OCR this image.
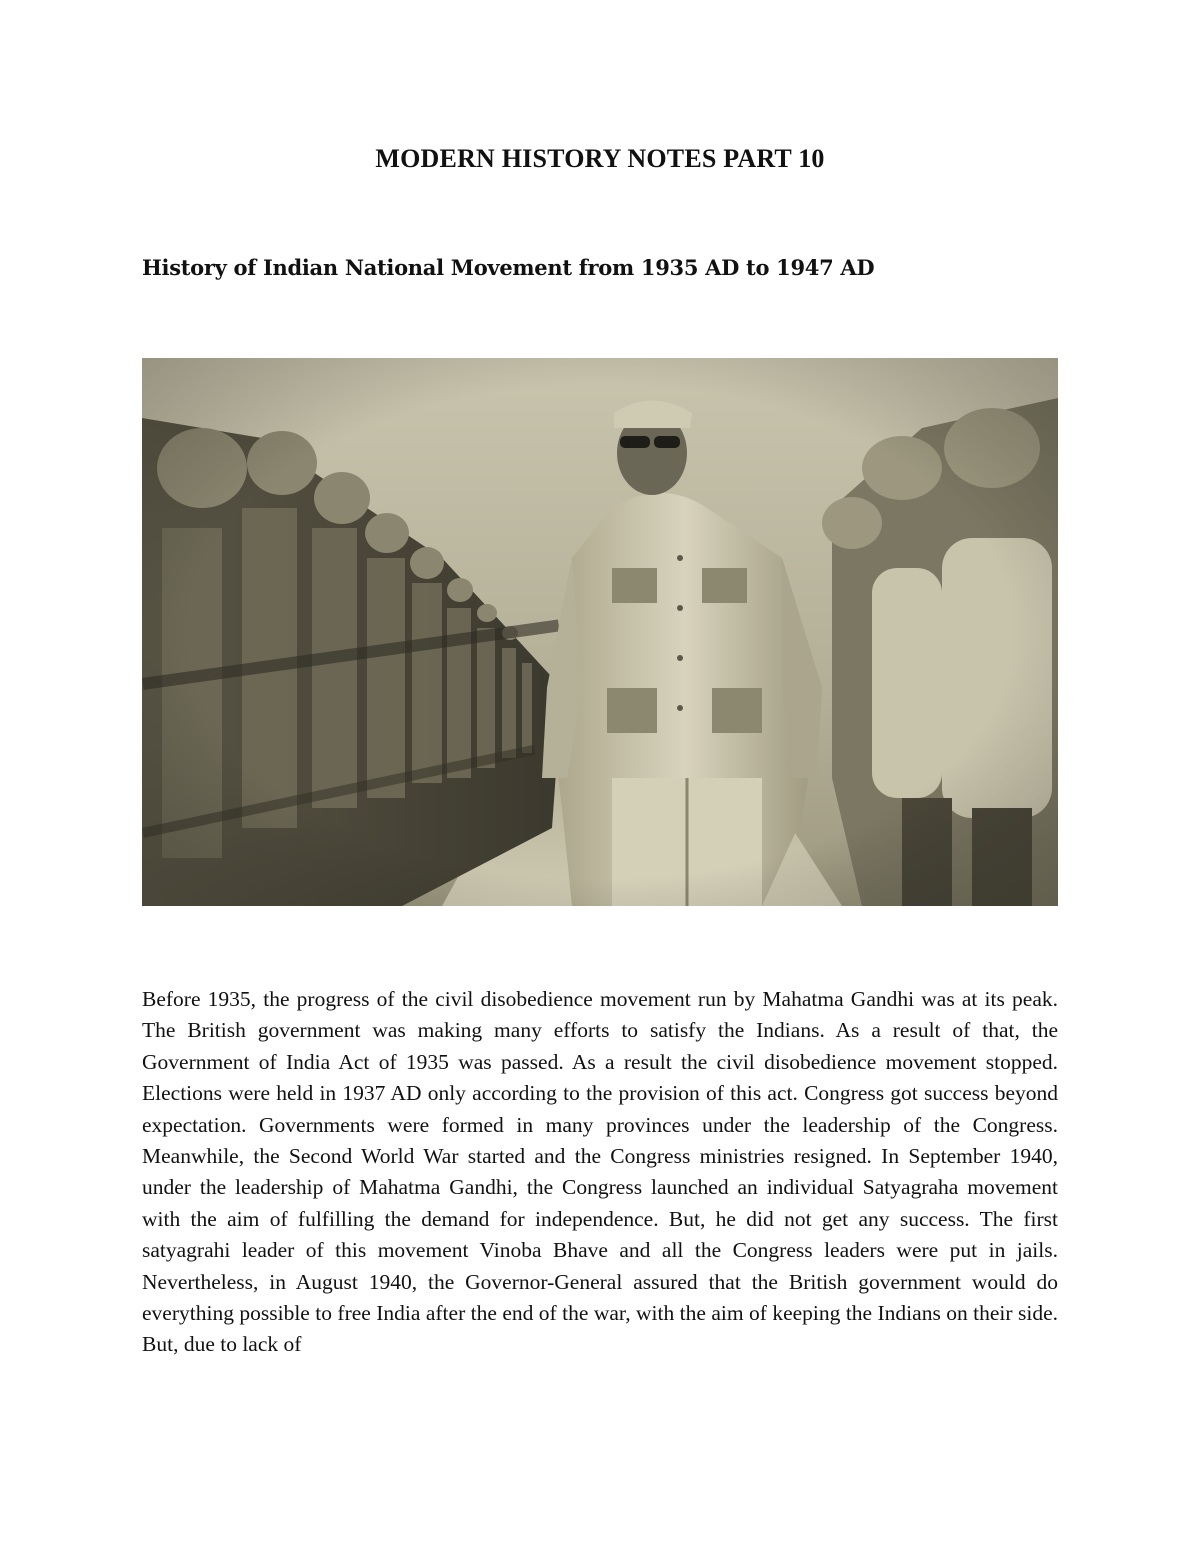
MODERN HISTORY NOTES PART 10
History of Indian National Movement from 1935 AD to 1947 AD

Before 1935, the progress of the civil disobedience movement run by Mahatma Gandhi was at its peak. The British government was making many efforts to satisfy the Indians. As a result of that, the Government of India Act of 1935 was passed. As a result the civil disobedience movement stopped. Elections were held in 1937 AD only according to the provision of this act. Congress got success beyond expectation. Governments were formed in many provinces under the leadership of the Congress. Meanwhile, the Second World War started and the Congress ministries resigned. In September 1940, under the leadership of Mahatma Gandhi, the Congress launched an individual Satyagraha movement with the aim of fulfilling the demand for independence. But, he did not get any success. The first satyagrahi leader of this movement Vinoba Bhave and all the Congress leaders were put in jails. Nevertheless, in August 1940, the Governor-General assured that the British government would do everything possible to free India after the end of the war, with the aim of keeping the Indians on their side. But, due to lack of
